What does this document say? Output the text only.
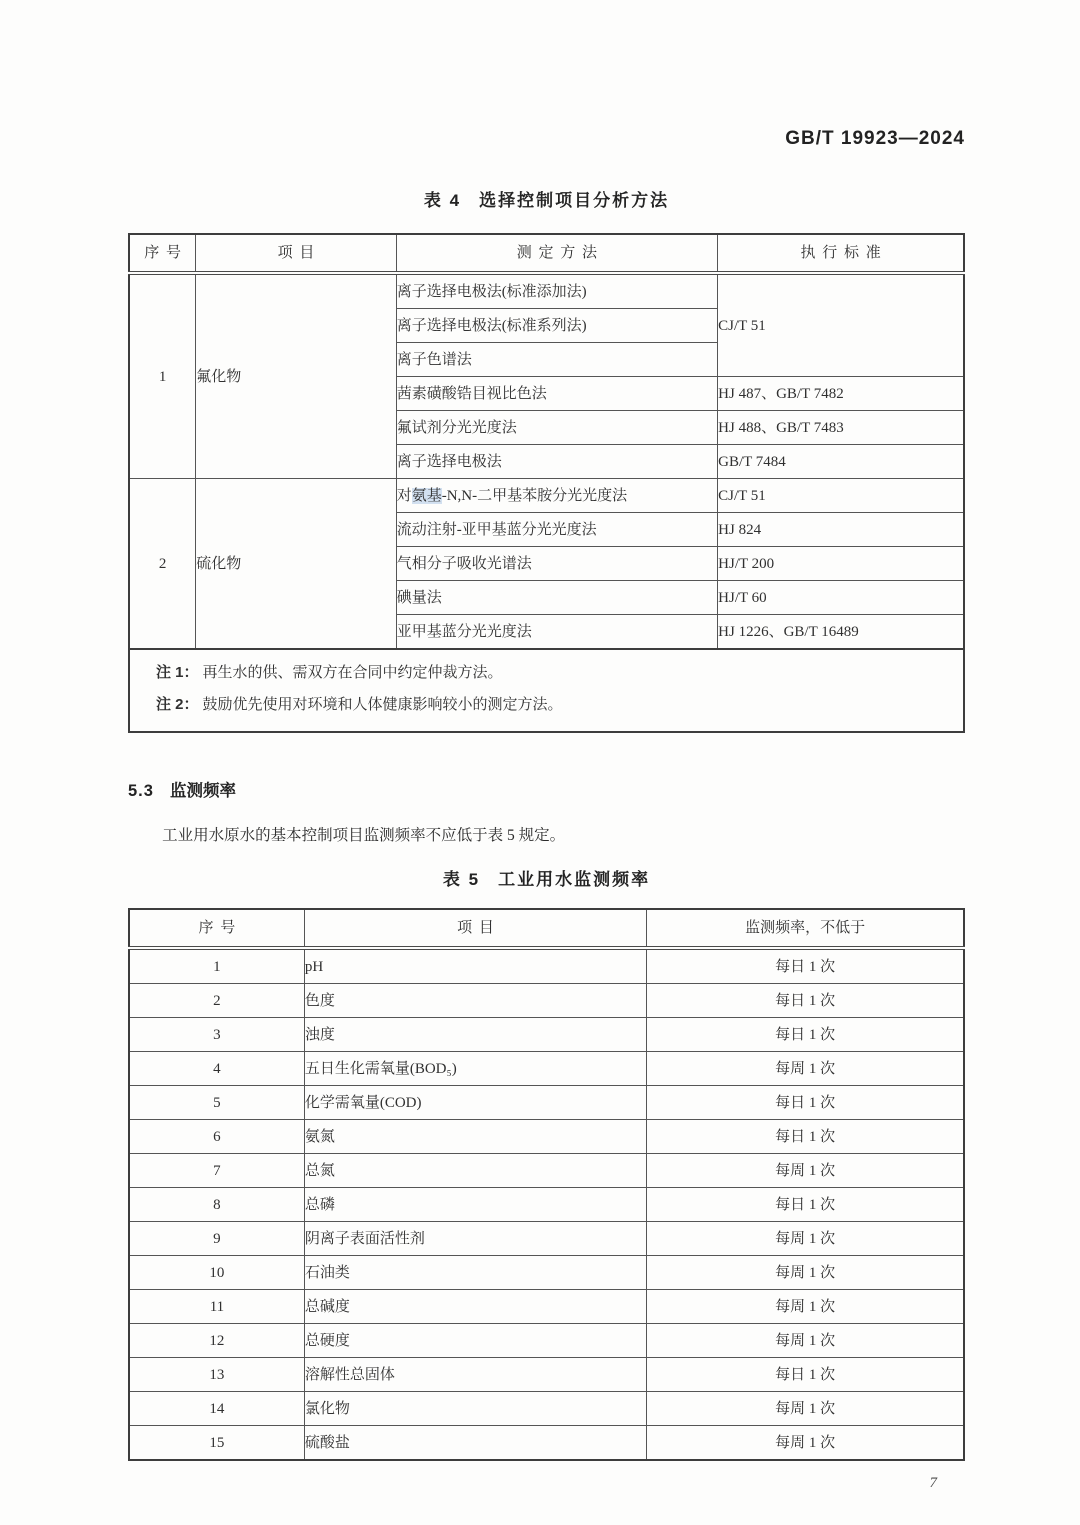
GB/T 19923—2024
表 4 选择控制项目分析方法
序号	项目	测定方法	执行标准
1	氟化物	离子选择电极法(标准添加法)	CJ/T 51
		离子选择电极法(标准系列法)	
		离子色谱法	
		茜素磺酸锆目视比色法	HJ 487、GB/T 7482
		氟试剂分光光度法	HJ 488、GB/T 7483
		离子选择电极法	GB/T 7484
2	硫化物	对氨基-N,N-二甲基苯胺分光光度法	CJ/T 51
		流动注射-亚甲基蓝分光光度法	HJ 824
		气相分子吸收光谱法	HJ/T 200
		碘量法	HJ/T 60
		亚甲基蓝分光光度法	HJ 1226、GB/T 16489

注 1： 再生水的供、需双方在合同中约定仲裁方法。
注 2： 鼓励优先使用对环境和人体健康影响较小的测定方法。			
5.3 监测频率
工业用水原水的基本控制项目监测频率不应低于表 5 规定。
表 5 工业用水监测频率
序号	项目	监测频率，不低于
1	pH	每日 1 次
2	色度	每日 1 次
3	浊度	每日 1 次
4	五日生化需氧量(BOD₅)	每周 1 次
5	化学需氧量(COD)	每日 1 次
6	氨氮	每日 1 次
7	总氮	每周 1 次
8	总磷	每日 1 次
9	阴离子表面活性剂	每周 1 次
10	石油类	每周 1 次
11	总碱度	每周 1 次
12	总硬度	每周 1 次
13	溶解性总固体	每日 1 次
14	氯化物	每周 1 次
15	硫酸盐	每周 1 次
7
